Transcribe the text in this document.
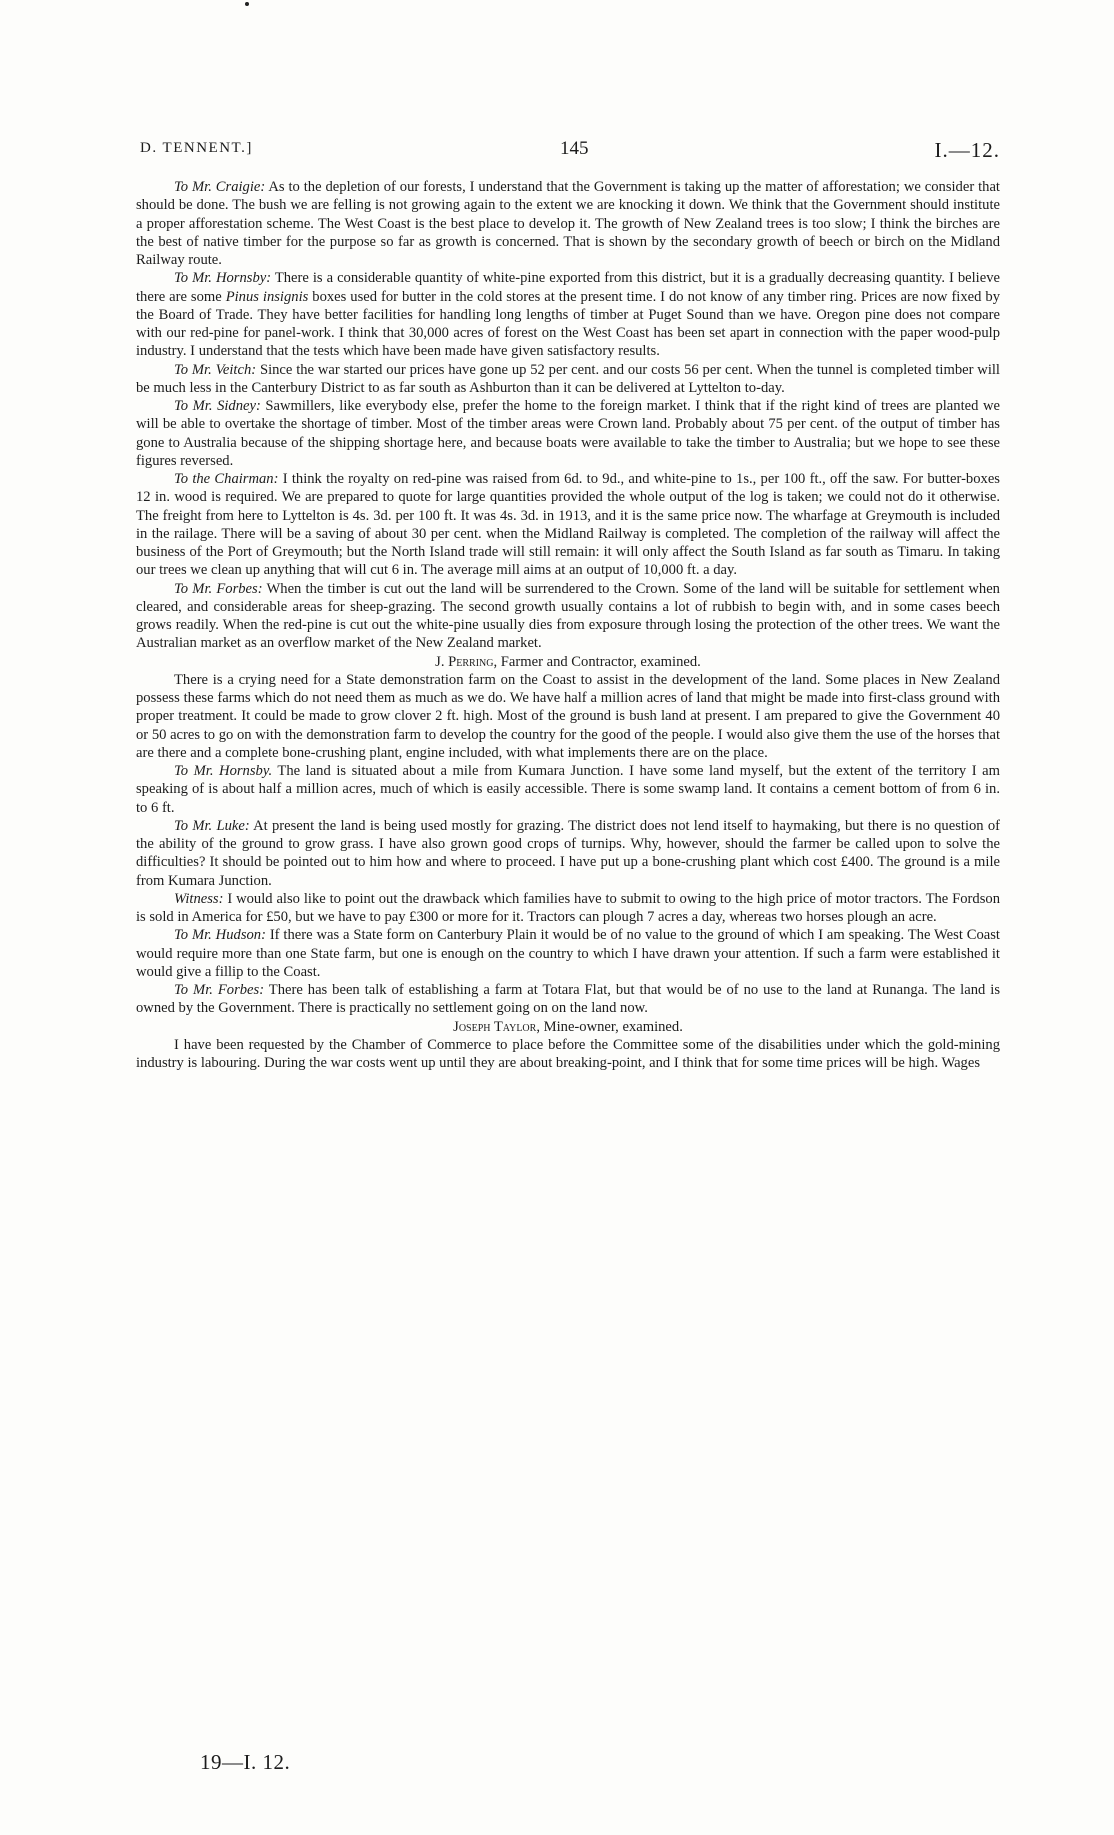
D. TENNENT.]	145	I.—12.

To Mr. Craigie: As to the depletion of our forests, I understand that the Government is taking up the matter of afforestation; we consider that should be done. The bush we are felling is not growing again to the extent we are knocking it down. We think that the Government should institute a proper afforestation scheme. The West Coast is the best place to develop it. The growth of New Zealand trees is too slow; I think the birches are the best of native timber for the purpose so far as growth is concerned. That is shown by the secondary growth of beech or birch on the Midland Railway route.

To Mr. Hornsby: There is a considerable quantity of white-pine exported from this district, but it is a gradually decreasing quantity. I believe there are some Pinus insignis boxes used for butter in the cold stores at the present time. I do not know of any timber ring. Prices are now fixed by the Board of Trade. They have better facilities for handling long lengths of timber at Puget Sound than we have. Oregon pine does not compare with our red-pine for panel-work. I think that 30,000 acres of forest on the West Coast has been set apart in connection with the paper wood-pulp industry. I understand that the tests which have been made have given satisfactory results.

To Mr. Veitch: Since the war started our prices have gone up 52 per cent. and our costs 56 per cent. When the tunnel is completed timber will be much less in the Canterbury District to as far south as Ashburton than it can be delivered at Lyttelton to-day.

To Mr. Sidney: Sawmillers, like everybody else, prefer the home to the foreign market. I think that if the right kind of trees are planted we will be able to overtake the shortage of timber. Most of the timber areas were Crown land. Probably about 75 per cent. of the output of timber has gone to Australia because of the shipping shortage here, and because boats were available to take the timber to Australia; but we hope to see these figures reversed.

To the Chairman: I think the royalty on red-pine was raised from 6d. to 9d., and white-pine to 1s., per 100 ft., off the saw. For butter-boxes 12 in. wood is required. We are prepared to quote for large quantities provided the whole output of the log is taken; we could not do it otherwise. The freight from here to Lyttelton is 4s. 3d. per 100 ft. It was 4s. 3d. in 1913, and it is the same price now. The wharfage at Greymouth is included in the railage. There will be a saving of about 30 per cent. when the Midland Railway is completed. The completion of the railway will affect the business of the Port of Greymouth; but the North Island trade will still remain: it will only affect the South Island as far south as Timaru. In taking our trees we clean up anything that will cut 6 in. The average mill aims at an output of 10,000 ft. a day.

To Mr. Forbes: When the timber is cut out the land will be surrendered to the Crown. Some of the land will be suitable for settlement when cleared, and considerable areas for sheep-grazing. The second growth usually contains a lot of rubbish to begin with, and in some cases beech grows readily. When the red-pine is cut out the white-pine usually dies from exposure through losing the protection of the other trees. We want the Australian market as an overflow market of the New Zealand market.

J. Perring, Farmer and Contractor, examined.

There is a crying need for a State demonstration farm on the Coast to assist in the development of the land. Some places in New Zealand possess these farms which do not need them as much as we do. We have half a million acres of land that might be made into first-class ground with proper treatment. It could be made to grow clover 2 ft. high. Most of the ground is bush land at present. I am prepared to give the Government 40 or 50 acres to go on with the demonstration farm to develop the country for the good of the people. I would also give them the use of the horses that are there and a complete bone-crushing plant, engine included, with what implements there are on the place.

To Mr. Hornsby. The land is situated about a mile from Kumara Junction. I have some land myself, but the extent of the territory I am speaking of is about half a million acres, much of which is easily accessible. There is some swamp land. It contains a cement bottom of from 6 in. to 6 ft.

To Mr. Luke: At present the land is being used mostly for grazing. The district does not lend itself to haymaking, but there is no question of the ability of the ground to grow grass. I have also grown good crops of turnips. Why, however, should the farmer be called upon to solve the difficulties? It should be pointed out to him how and where to proceed. I have put up a bone-crushing plant which cost £400. The ground is a mile from Kumara Junction.

Witness: I would also like to point out the drawback which families have to submit to owing to the high price of motor tractors. The Fordson is sold in America for £50, but we have to pay £300 or more for it. Tractors can plough 7 acres a day, whereas two horses plough an acre.

To Mr. Hudson: If there was a State form on Canterbury Plain it would be of no value to the ground of which I am speaking. The West Coast would require more than one State farm, but one is enough on the country to which I have drawn your attention. If such a farm were established it would give a fillip to the Coast.

To Mr. Forbes: There has been talk of establishing a farm at Totara Flat, but that would be of no use to the land at Runanga. The land is owned by the Government. There is practically no settlement going on on the land now.

Joseph Taylor, Mine-owner, examined.

I have been requested by the Chamber of Commerce to place before the Committee some of the disabilities under which the gold-mining industry is labouring. During the war costs went up until they are about breaking-point, and I think that for some time prices will be high. Wages

19—I. 12.
